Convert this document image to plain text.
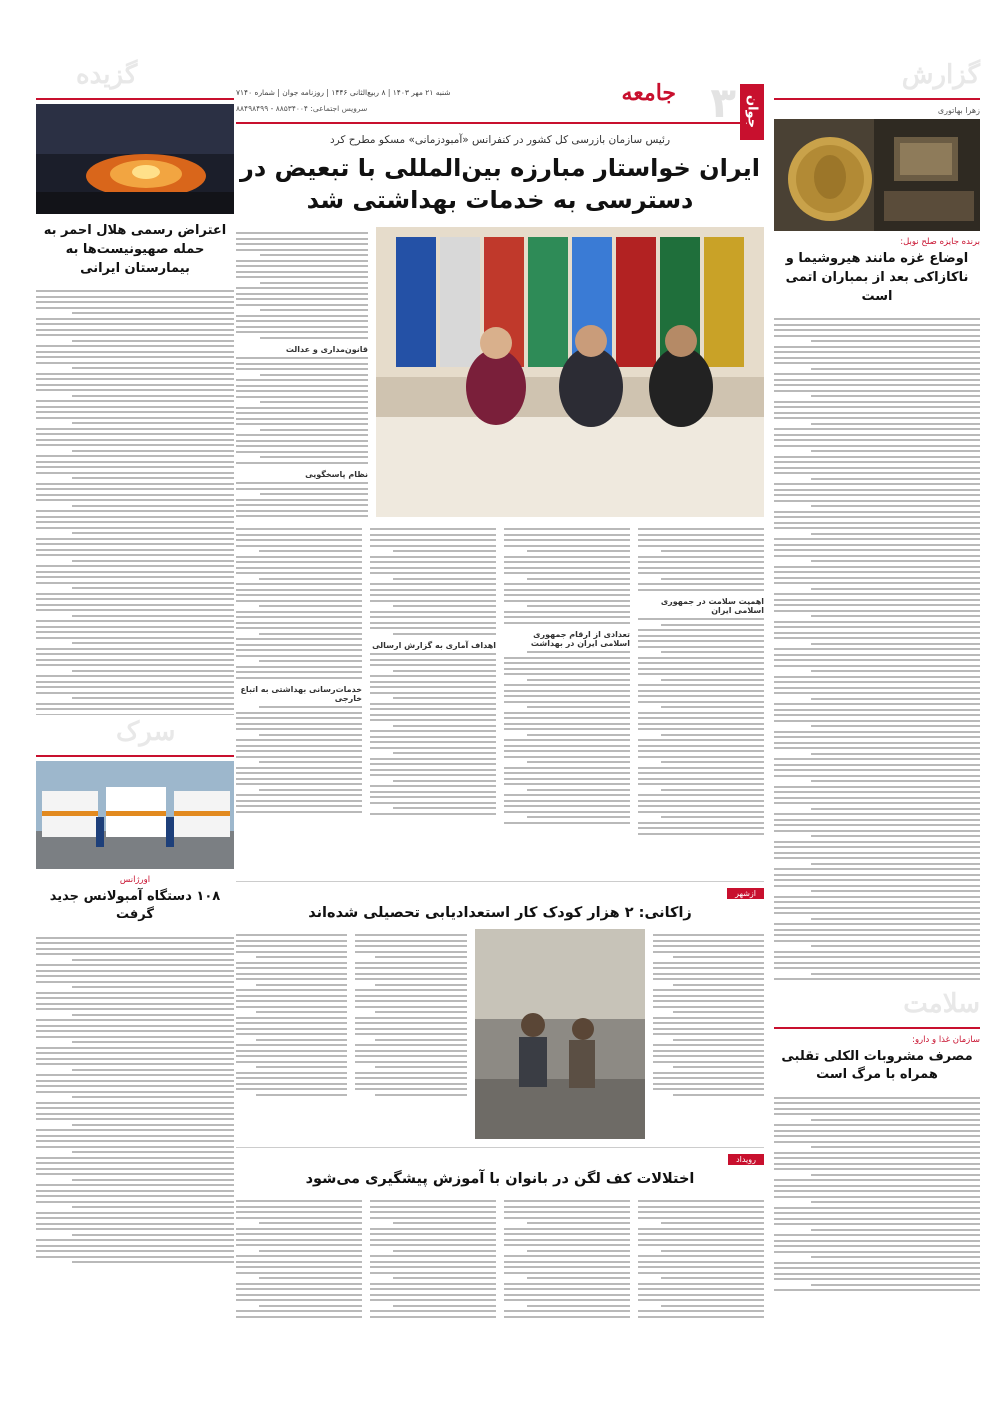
گزارش
زهرا بهاتوری
برنده جایزه صلح نوبل:
اوضاع غزه مانند هیروشیما و ناکازاکی بعد از بمباران اتمی است
سلامت
سازمان غذا و دارو:
مصرف مشروبات الکلی تقلبی همراه با مرگ است
گزیده
اعتراض رسمی هلال احمر به حمله صهیونیست‌ها به بیمارستان ایرانی
سرک
اورژانس
۱۰۸ دستگاه آمبولانس جدید گرفت
جوان
۳
جامعه
شنبه ۲۱ مهر ۱۴۰۳ | ۸ ربیع‌الثانی ۱۴۴۶ | روزنامه جوان | شماره ۷۱۴۰
سرویس اجتماعی: ۸۸۵۳۴۰۰۴ - ۸۸۴۹۸۴۹۹
رئیس سازمان بازرسی کل کشور در کنفرانس «آمبودزمانی» مسکو مطرح کرد
ایران خواستار مبارزه بین‌المللی با تبعیض در دسترسی به خدمات بهداشتی شد
قانون‌مداری و عدالت
نظام پاسخگویی
اهمیت سلامت در جمهوری اسلامی ایران
تعدادی از ارقام جمهوری اسلامی ایران در بهداشت
اهداف آماری به گزارش ارسالی
خدمات‌رسانی بهداشتی به اتباع خارجی
ازشهر
زاکانی: ۲ هزار کودک کار استعدادیابی تحصیلی شده‌اند
رویداد
اختلالات کف لگن در بانوان با آموزش پیشگیری می‌شود
